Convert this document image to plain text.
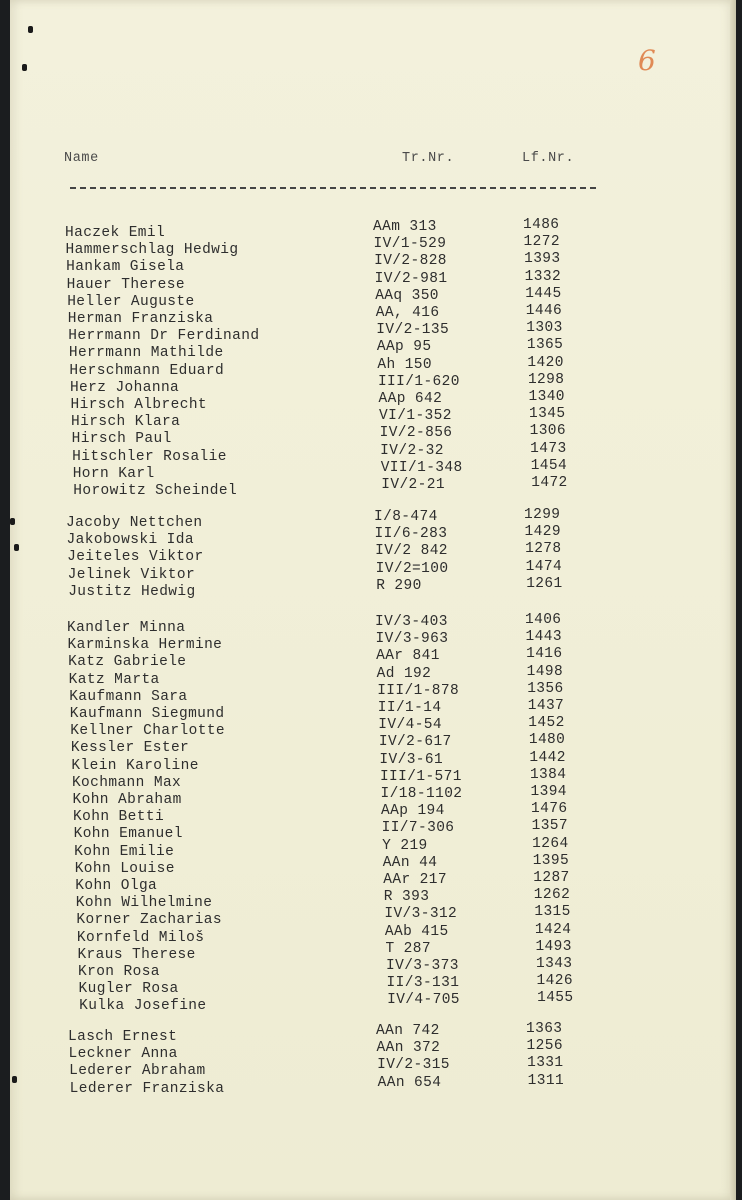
6
Name	Tr.Nr.	Lf.Nr.
Haczek Emil	AAm 313	1486
Hammerschlag Hedwig	IV/1-529	1272
Hankam Gisela	IV/2-828	1393
Hauer Therese	IV/2-981	1332
Heller Auguste	AAq 350	1445
Herman Franziska	AA, 416	1446
Herrmann Dr Ferdinand	IV/2-135	1303
Herrmann Mathilde	AAp 95	1365
Herschmann Eduard	Ah 150	1420
Herz Johanna	III/1-620	1298
Hirsch Albrecht	AAp 642	1340
Hirsch Klara	VI/1-352	1345
Hirsch Paul	IV/2-856	1306
Hitschler Rosalie	IV/2-32	1473
Horn Karl	VII/1-348	1454
Horowitz Scheindel	IV/2-21	1472
Jacoby Nettchen	I/8-474	1299
Jakobowski Ida	II/6-283	1429
Jeiteles Viktor	IV/2 842	1278
Jelinek Viktor	IV/2=100	1474
Justitz Hedwig	R 290	1261
Kandler Minna	IV/3-403	1406
Karminska Hermine	IV/3-963	1443
Katz Gabriele	AAr 841	1416
Katz Marta	Ad 192	1498
Kaufmann Sara	III/1-878	1356
Kaufmann Siegmund	II/1-14	1437
Kellner Charlotte	IV/4-54	1452
Kessler Ester	IV/2-617	1480
Klein Karoline	IV/3-61	1442
Kochmann Max	III/1-571	1384
Kohn Abraham	I/18-1102	1394
Kohn Betti	AAp 194	1476
Kohn Emanuel	II/7-306	1357
Kohn Emilie	Y 219	1264
Kohn Louise	AAn 44	1395
Kohn Olga	AAr 217	1287
Kohn Wilhelmine	R 393	1262
Korner Zacharias	IV/3-312	1315
Kornfeld Miloš	AAb 415	1424
Kraus Therese	T 287	1493
Kron Rosa	IV/3-373	1343
Kugler Rosa	II/3-131	1426
Kulka Josefine	IV/4-705	1455
Lasch Ernest	AAn 742	1363
Leckner Anna	AAn 372	1256
Lederer Abraham	IV/2-315	1331
Lederer Franziska	AAn 654	1311
